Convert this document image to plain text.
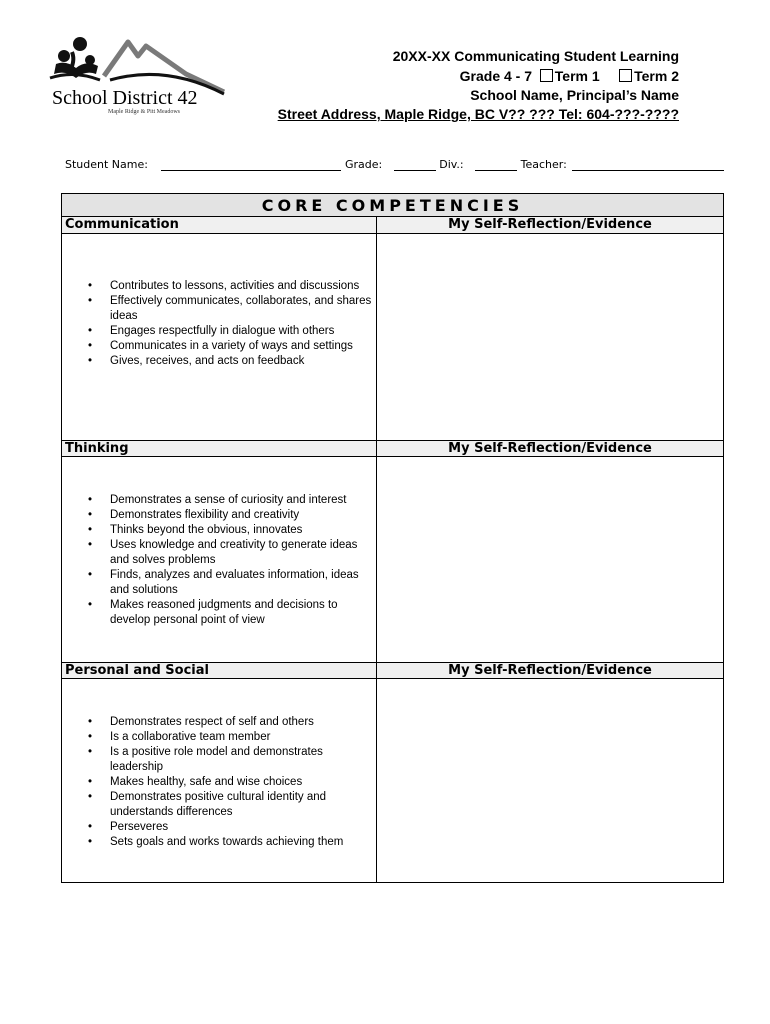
School District 42
Maple Ridge & Pitt Meadows
20XX-XX Communicating Student Learning
Grade 4 - 7 Term 1 Term 2
School Name, Principal’s Name
Street Address, Maple Ridge, BC V?? ??? Tel: 604-???-????
Student Name:	Grade:	Div.:	Teacher:
CORE COMPETENCIES
Communication	My Self-Reflection/Evidence
• Contributes to lessons, activities and discussions
• Effectively communicates, collaborates, and shares ideas
• Engages respectfully in dialogue with others
• Communicates in a variety of ways and settings
• Gives, receives, and acts on feedback
Thinking	My Self-Reflection/Evidence
• Demonstrates a sense of curiosity and interest
• Demonstrates flexibility and creativity
• Thinks beyond the obvious, innovates
• Uses knowledge and creativity to generate ideas and solves problems
• Finds, analyzes and evaluates information, ideas and solutions
• Makes reasoned judgments and decisions to develop personal point of view
Personal and Social	My Self-Reflection/Evidence
• Demonstrates respect of self and others
• Is a collaborative team member
• Is a positive role model and demonstrates leadership
• Makes healthy, safe and wise choices
• Demonstrates positive cultural identity and understands differences
• Perseveres
• Sets goals and works towards achieving them
